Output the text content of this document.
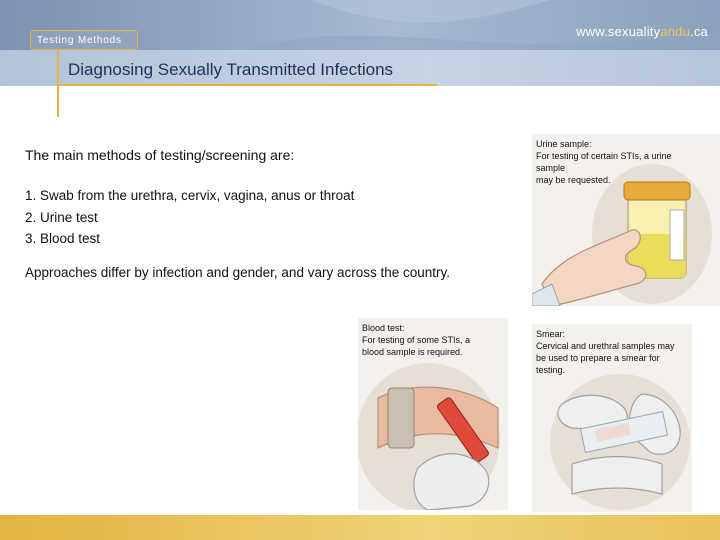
www.sexualityandu.ca
Testing Methods
Diagnosing Sexually Transmitted Infections
The main methods of testing/screening are:
1. Swab from the urethra, cervix, vagina, anus or throat
2. Urine test
3. Blood test
Approaches differ by infection and gender, and vary across the country.
Urine sample:
For testing of certain STIs, a urine
sample
may be requested.
Blood test:
For testing of some STIs, a
blood sample is required.
Smear:
Cervical and urethral samples may
be used to prepare a smear for
testing.
